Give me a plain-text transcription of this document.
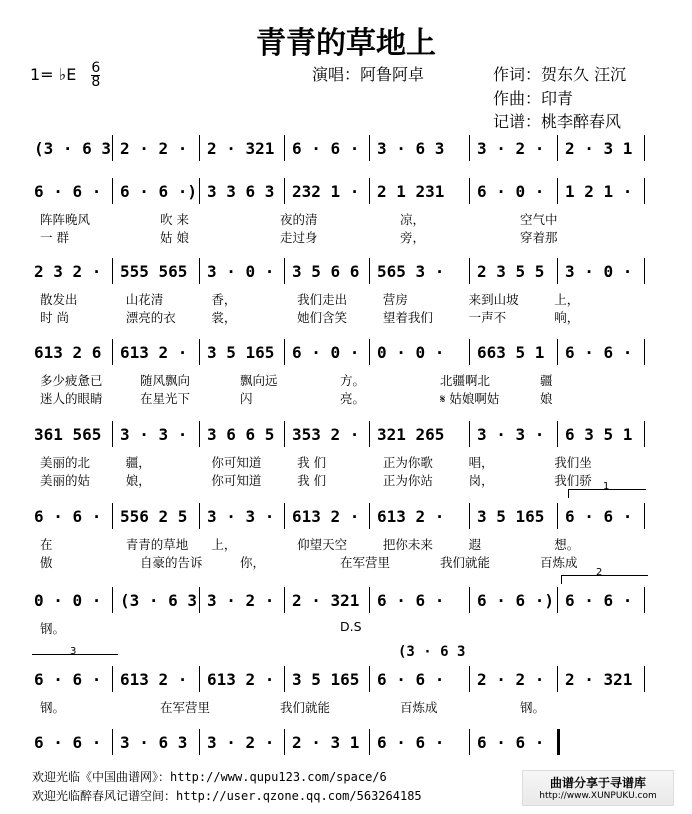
青青的草地上
1= ♭E $\frac{6}{8}$	演唱：阿鲁阿卓	作词：贺东久 汪沉
作曲：印青
记谱：桃李醉春风
(3 · 6 3 2 · 2 · 2 · 321 6 · 6 · 3 · 6 3 3 · 2 · 2 · 3 1
6 · 6 · 6 · 6 ·) 3 3 6 3 232 1 · 2 1 231 6 · 0 · 1 2 1 ·
阵阵晚风	吹 来	夜的清	凉，	空气中
一 群	姑 娘	走过身	旁，	穿着那
2 3 2 · 555 565 3 · 0 · 3 5 6 6 565 3 · 2 3 5 5 3 · 0 ·
散发出	山花清	香，	我们走出	营房	来到山坡	上，
时 尚	漂亮的衣	裳，	她们含笑	望着我们	一声不	响，
613 2 6 613 2 · 3 5 165 6 · 0 · 0 · 0 · 663 5 1 6 · 6 ·
多少疲惫已	随风飘向	飘向远	方。	北疆啊北	疆
迷人的眼睛	在星光下	闪	亮。	𝄋 姑娘啊姑	娘
361 565 3 · 3 · 3 6 6 5 353 2 · 321 265 3 · 3 · 6 3 5 1
美丽的北	疆，	你可知道	我 们	正为你歌	唱，	我们坐
美丽的姑	娘，	你可知道	我 们	正为你站	岗，	我们骄
6 · 6 · 556 2 5 3 · 3 · 613 2 · 613 2 · 3 5 165 6 · 6 ·
在	青青的草地 上，	仰望天空	把你未来	遐	想。
傲	自豪的告诉	你，	在军营里	我们就能	百炼成
0 · 0 · (3 · 6 3 3 · 2 · 2 · 321 6 · 6 · 6 · 6 ·) 6 · 6 ·
钢。	D.S
6 · 6 · 613 2 · 613 2 · 3 5 165 6 · 6 · 2 · 2 · 2 · 321
钢。	在军营里	我们就能	百炼成	钢。
6 · 6 · 3 · 6 3 3 · 2 · 2 · 3 1 6 · 6 · 6 · 6 ·
1
2
3	(3 · 6 3
欢迎光临《中国曲谱网》：http://www.qupu123.com/space/6
欢迎光临醉春风记谱空间：http://user.qzone.qq.com/563264185
曲谱分享于寻谱库
http://www.XUNPUKU.com
